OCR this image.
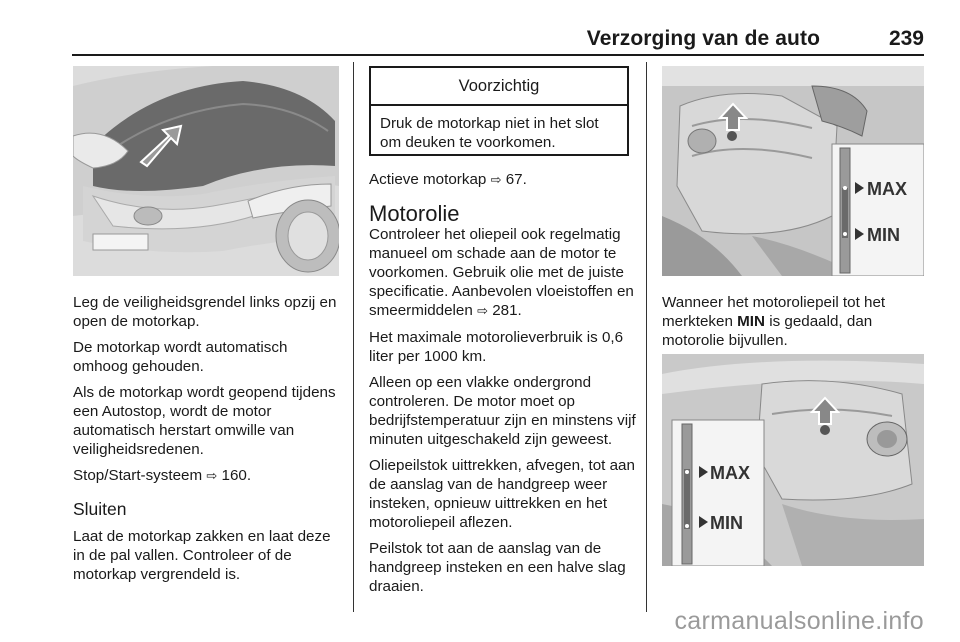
Verzorging van de auto	239

Leg de veiligheidsgrendel links opzij en open de motorkap.

De motorkap wordt automatisch omhoog gehouden.

Als de motorkap wordt geopend tijdens een Autostop, wordt de motor automatisch herstart omwille van veiligheidsredenen.

Stop/Start-systeem ⇨ 160.

Sluiten

Laat de motorkap zakken en laat deze in de pal vallen. Controleer of de motorkap vergrendeld is.

Voorzichtig
Druk de motorkap niet in het slot om deuken te voorkomen.

Actieve motorkap ⇨ 67.

Motorolie

Controleer het oliepeil ook regelmatig manueel om schade aan de motor te voorkomen. Gebruik olie met de juiste specificatie. Aanbevolen vloeistoffen en smeermiddelen ⇨ 281.

Het maximale motorolieverbruik is 0,6 liter per 1000 km.

Alleen op een vlakke ondergrond controleren. De motor moet op bedrijfstemperatuur zijn en minstens vijf minuten uitgeschakeld zijn geweest.

Oliepeilstok uittrekken, afvegen, tot aan de aanslag van de handgreep weer insteken, opnieuw uittrekken en het motoroliepeil aflezen.

Peilstok tot aan de aanslag van de handgreep insteken en een halve slag draaien.

MAX
MIN

Wanneer het motoroliepeil tot het merkteken MIN is gedaald, dan motorolie bijvullen.

MAX
MIN
carmanualsonline.info
